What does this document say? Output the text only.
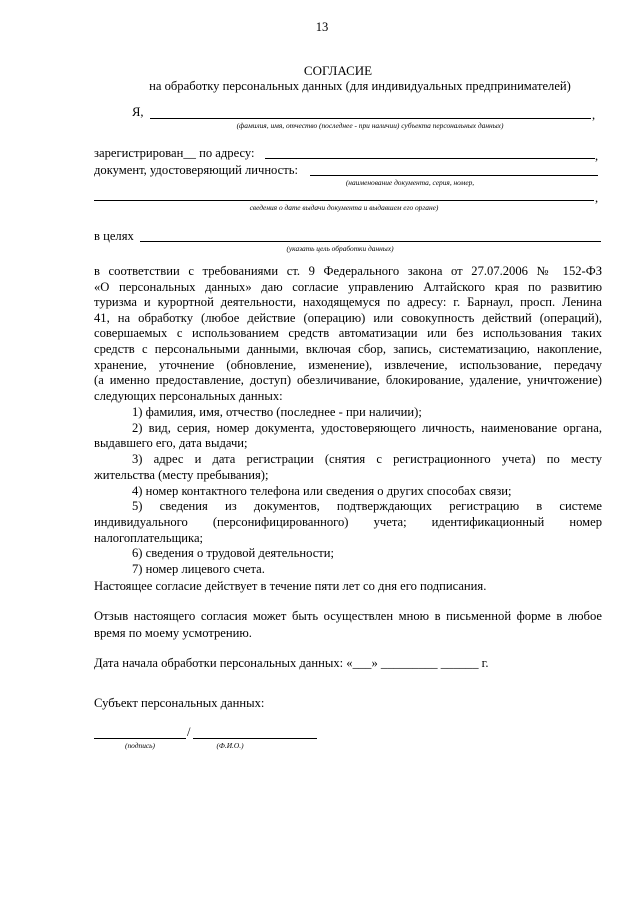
13
СОГЛАСИЕ
на обработку персональных данных (для индивидуальных предпринимателей)
Я,	,
(фамилия, имя, отчество (последнее - при наличии) субъекта персональных данных)
зарегистрирован__ по адресу:	,
документ, удостоверяющий личность:
(наименование документа, серия, номер,
,
сведения о дате выдачи документа и выдавшем его органе)
в целях
(указать цель обработки данных)
в соответствии с требованиями ст. 9 Федерального закона от 27.07.2006 № 152-ФЗ
«О персональных данных» даю согласие управлению Алтайского края по развитию
туризма и курортной деятельности, находящемуся по адресу: г. Барнаул, просп. Ленина
41, на обработку (любое действие (операцию) или совокупность действий (операций),
совершаемых с использованием средств автоматизации или без использования таких
средств с персональными данными, включая сбор, запись, систематизацию, накопление,
хранение, уточнение (обновление, изменение), извлечение, использование, передачу
(а именно предоставление, доступ) обезличивание, блокирование, удаление, уничтожение)
следующих персональных данных:
1) фамилия, имя, отчество (последнее - при наличии);
2) вид, серия, номер документа, удостоверяющего личность, наименование органа,
выдавшего его, дата выдачи;
3) адрес и дата регистрации (снятия с регистрационного учета) по месту
жительства (месту пребывания);
4) номер контактного телефона или сведения о других способах связи;
5) сведения из документов, подтверждающих регистрацию в системе
индивидуального (персонифицированного) учета; идентификационный номер
налогоплательщика;
6) сведения о трудовой деятельности;
7) номер лицевого счета.
Настоящее согласие действует в течение пяти лет со дня его подписания.
Отзыв настоящего согласия может быть осуществлен мною в письменной форме в любое
время по моему усмотрению.
Дата начала обработки персональных данных: «___» _________ ______ г.
Субъект персональных данных:
/
(подпись)	(Ф.И.О.)
